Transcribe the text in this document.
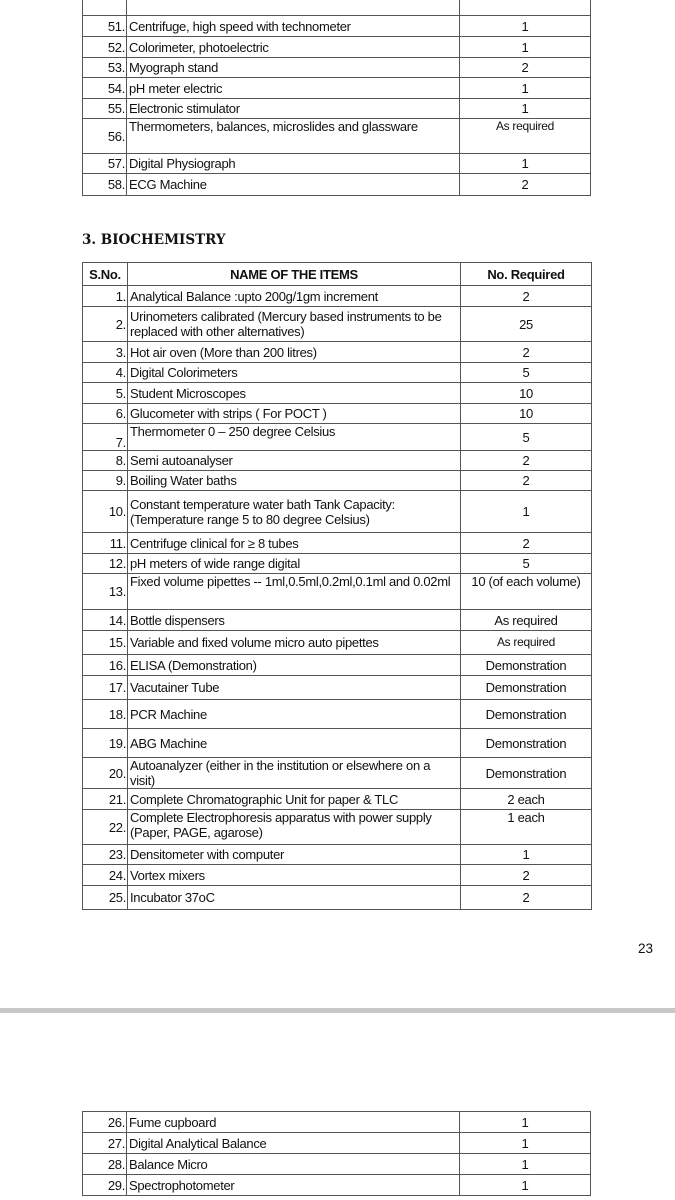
51.	Centrifuge, high speed with technometer	1
52.	Colorimeter, photoelectric	1
53.	Myograph stand	2
54.	pH meter electric	1
55.	Electronic stimulator	1
56.	Thermometers, balances, microslides and glassware	As required
57.	Digital Physiograph	1
58.	ECG Machine	2
3. BIOCHEMISTRY
S.No.	NAME OF THE ITEMS	No. Required
1.	Analytical Balance :upto 200g/1gm increment	2
2.	Urinometers calibrated (Mercury based instruments to be replaced with other alternatives)	25
3.	Hot air oven (More than 200 litres)	2
4.	Digital Colorimeters	5
5.	Student Microscopes	10
6.	Glucometer with strips ( For POCT )	10
7.	Thermometer 0 – 250 degree Celsius	5
8.	Semi autoanalyser	2
9.	Boiling Water baths	2
10.	Constant temperature water bath Tank Capacity: (Temperature range 5 to 80 degree Celsius)	1
11.	Centrifuge clinical for ≥ 8 tubes	2
12.	pH meters of wide range digital	5
13.	Fixed volume pipettes -- 1ml,0.5ml,0.2ml,0.1ml and 0.02ml	10 (of each volume)
14.	Bottle dispensers	As required
15.	Variable and fixed volume micro auto pipettes	As required
16.	ELISA (Demonstration)	Demonstration
17.	Vacutainer Tube	Demonstration
18.	PCR Machine	Demonstration
19.	ABG Machine	Demonstration
20.	Autoanalyzer (either in the institution or elsewhere on a visit)	Demonstration
21.	Complete Chromatographic Unit for paper & TLC	2 each
22.	Complete Electrophoresis apparatus with power supply (Paper, PAGE, agarose)	1 each
23.	Densitometer with computer	1
24.	Vortex mixers	2
25.	Incubator 37oC	2
23
26.	Fume cupboard	1
27.	Digital Analytical Balance	1
28.	Balance Micro	1
29.	Spectrophotometer	1
